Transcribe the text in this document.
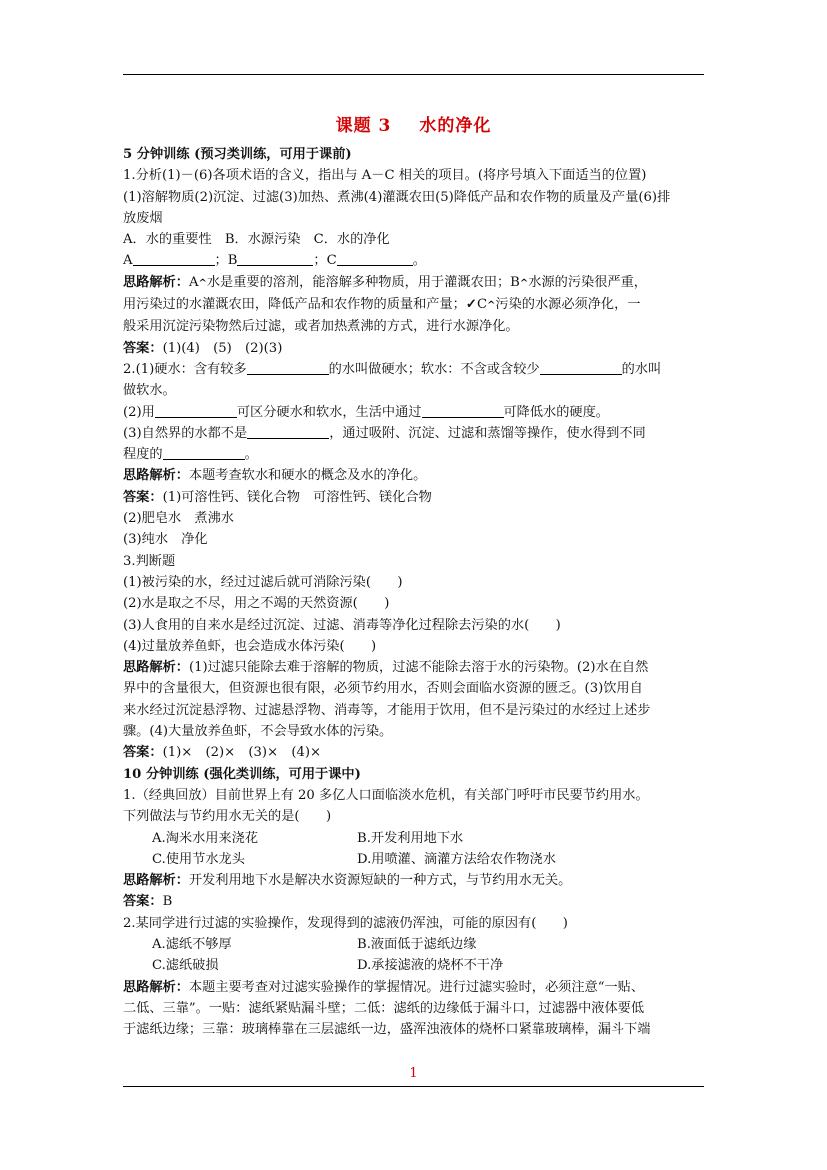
课题 3 水的净化

5 分钟训练 (预习类训练，可用于课前)

1.分析(1)－(6)各项术语的含义，指出与 A－C 相关的项目。(将序号填入下面适当的位置)

(1)溶解物质(2)沉淀、过滤(3)加热、煮沸(4)灌溉农田(5)降低产品和农作物的质量及产量(6)排

放废烟

A．水的重要性　B．水源污染　C．水的净化

A	；B	；C	。

思路解析：A^水是重要的溶剂，能溶解多种物质，用于灌溉农田；B^水源的污染很严重，

用污染过的水灌溉农田，降低产品和农作物的质量和产量；✓C^污染的水源必须净化，一

般采用沉淀污染物然后过滤，或者加热煮沸的方式，进行水源净化。

答案：(1)(4)　(5)　(2)(3)

2.(1)硬水：含有较多	的水叫做硬水；软水：不含或含较少	的水叫

做软水。

(2)用	可区分硬水和软水，生活中通过	可降低水的硬度。

(3)自然界的水都不是	，通过吸附、沉淀、过滤和蒸馏等操作，使水得到不同

程度的	。

思路解析：本题考查软水和硬水的概念及水的净化。

答案：(1)可溶性钙、镁化合物　可溶性钙、镁化合物

(2)肥皂水　煮沸水

(3)纯水　净化

3.判断题

(1)被污染的水，经过过滤后就可消除污染(　　)

(2)水是取之不尽，用之不竭的天然资源(　　)

(3)人食用的自来水是经过沉淀、过滤、消毒等净化过程除去污染的水(　　)

(4)过量放养鱼虾，也会造成水体污染(　　)

思路解析：(1)过滤只能除去难于溶解的物质，过滤不能除去溶于水的污染物。(2)水在自然

界中的含量很大，但资源也很有限，必须节约用水，否则会面临水资源的匮乏。(3)饮用自

来水经过沉淀悬浮物、过滤悬浮物、消毒等，才能用于饮用，但不是污染过的水经过上述步

骤。(4)大量放养鱼虾，不会导致水体的污染。

答案：(1)×　(2)×　(3)×　(4)×

10 分钟训练 (强化类训练，可用于课中)

1.（经典回放）目前世界上有 20 多亿人口面临淡水危机，有关部门呼吁市民要节约用水。

下列做法与节约用水无关的是(　　)

A.淘米水用来浇花	B.开发利用地下水

C.使用节水龙头	D.用喷灌、滴灌方法给农作物浇水

思路解析：开发利用地下水是解决水资源短缺的一种方式，与节约用水无关。

答案：B

2.某同学进行过滤的实验操作，发现得到的滤液仍浑浊，可能的原因有(　　)

A.滤纸不够厚	B.液面低于滤纸边缘

C.滤纸破损	D.承接滤液的烧杯不干净

思路解析：本题主要考查对过滤实验操作的掌握情况。进行过滤实验时，必须注意“一贴、

二低、三靠”。一贴：滤纸紧贴漏斗壁；二低：滤纸的边缘低于漏斗口，过滤器中液体要低

于滤纸边缘；三靠：玻璃棒靠在三层滤纸一边，盛浑浊液体的烧杯口紧靠玻璃棒，漏斗下端

1
